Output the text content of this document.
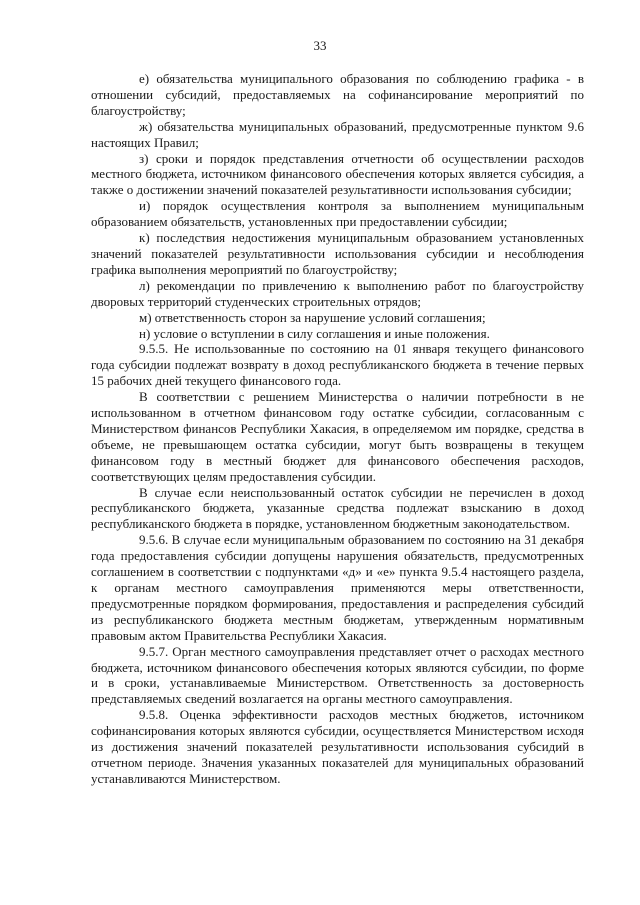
33

е) обязательства муниципального образования по соблюдению графика - в отношении субсидий, предоставляемых на софинансирование мероприятий по благоустройству;

ж) обязательства муниципальных образований, предусмотренные пунктом 9.6 настоящих Правил;

з) сроки и порядок представления отчетности об осуществлении расходов местного бюджета, источником финансового обеспечения которых является субсидия, а также о достижении значений показателей результативности использования субсидии;

и) порядок осуществления контроля за выполнением муниципальным образованием обязательств, установленных при предоставлении субсидии;

к) последствия недостижения муниципальным образованием установленных значений показателей результативности использования субсидии и несоблюдения графика выполнения мероприятий по благоустройству;

л) рекомендации по привлечению к выполнению работ по благоустройству дворовых территорий студенческих строительных отрядов;

м) ответственность сторон за нарушение условий соглашения;

н) условие о вступлении в силу соглашения и иные положения.

9.5.5. Не использованные по состоянию на 01 января текущего финансового года субсидии подлежат возврату в доход республиканского бюджета в течение первых 15 рабочих дней текущего финансового года.

В соответствии с решением Министерства о наличии потребности в не использованном в отчетном финансовом году остатке субсидии, согласованным с Министерством финансов Республики Хакасия, в определяемом им порядке, средства в объеме, не превышающем остатка субсидии, могут быть возвращены в текущем финансовом году в местный бюджет для финансового обеспечения расходов, соответствующих целям предоставления субсидии.

В случае если неиспользованный остаток субсидии не перечислен в доход республиканского бюджета, указанные средства подлежат взысканию в доход республиканского бюджета в порядке, установленном бюджетным законодательством.

9.5.6. В случае если муниципальным образованием по состоянию на 31 декабря года предоставления субсидии допущены нарушения обязательств, предусмотренных соглашением в соответствии с подпунктами «д» и «е» пункта 9.5.4 настоящего раздела, к органам местного самоуправления применяются меры ответственности, предусмотренные порядком формирования, предоставления и распределения субсидий из республиканского бюджета местным бюджетам, утвержденным нормативным правовым актом Правительства Республики Хакасия.

9.5.7. Орган местного самоуправления представляет отчет о расходах местного бюджета, источником финансового обеспечения которых являются субсидии, по форме и в сроки, устанавливаемые Министерством. Ответственность за достоверность представляемых сведений возлагается на органы местного самоуправления.

9.5.8. Оценка эффективности расходов местных бюджетов, источником софинансирования которых являются субсидии, осуществляется Министерством исходя из достижения значений показателей результативности использования субсидий в отчетном периоде. Значения указанных показателей для муниципальных образований устанавливаются Министерством.
